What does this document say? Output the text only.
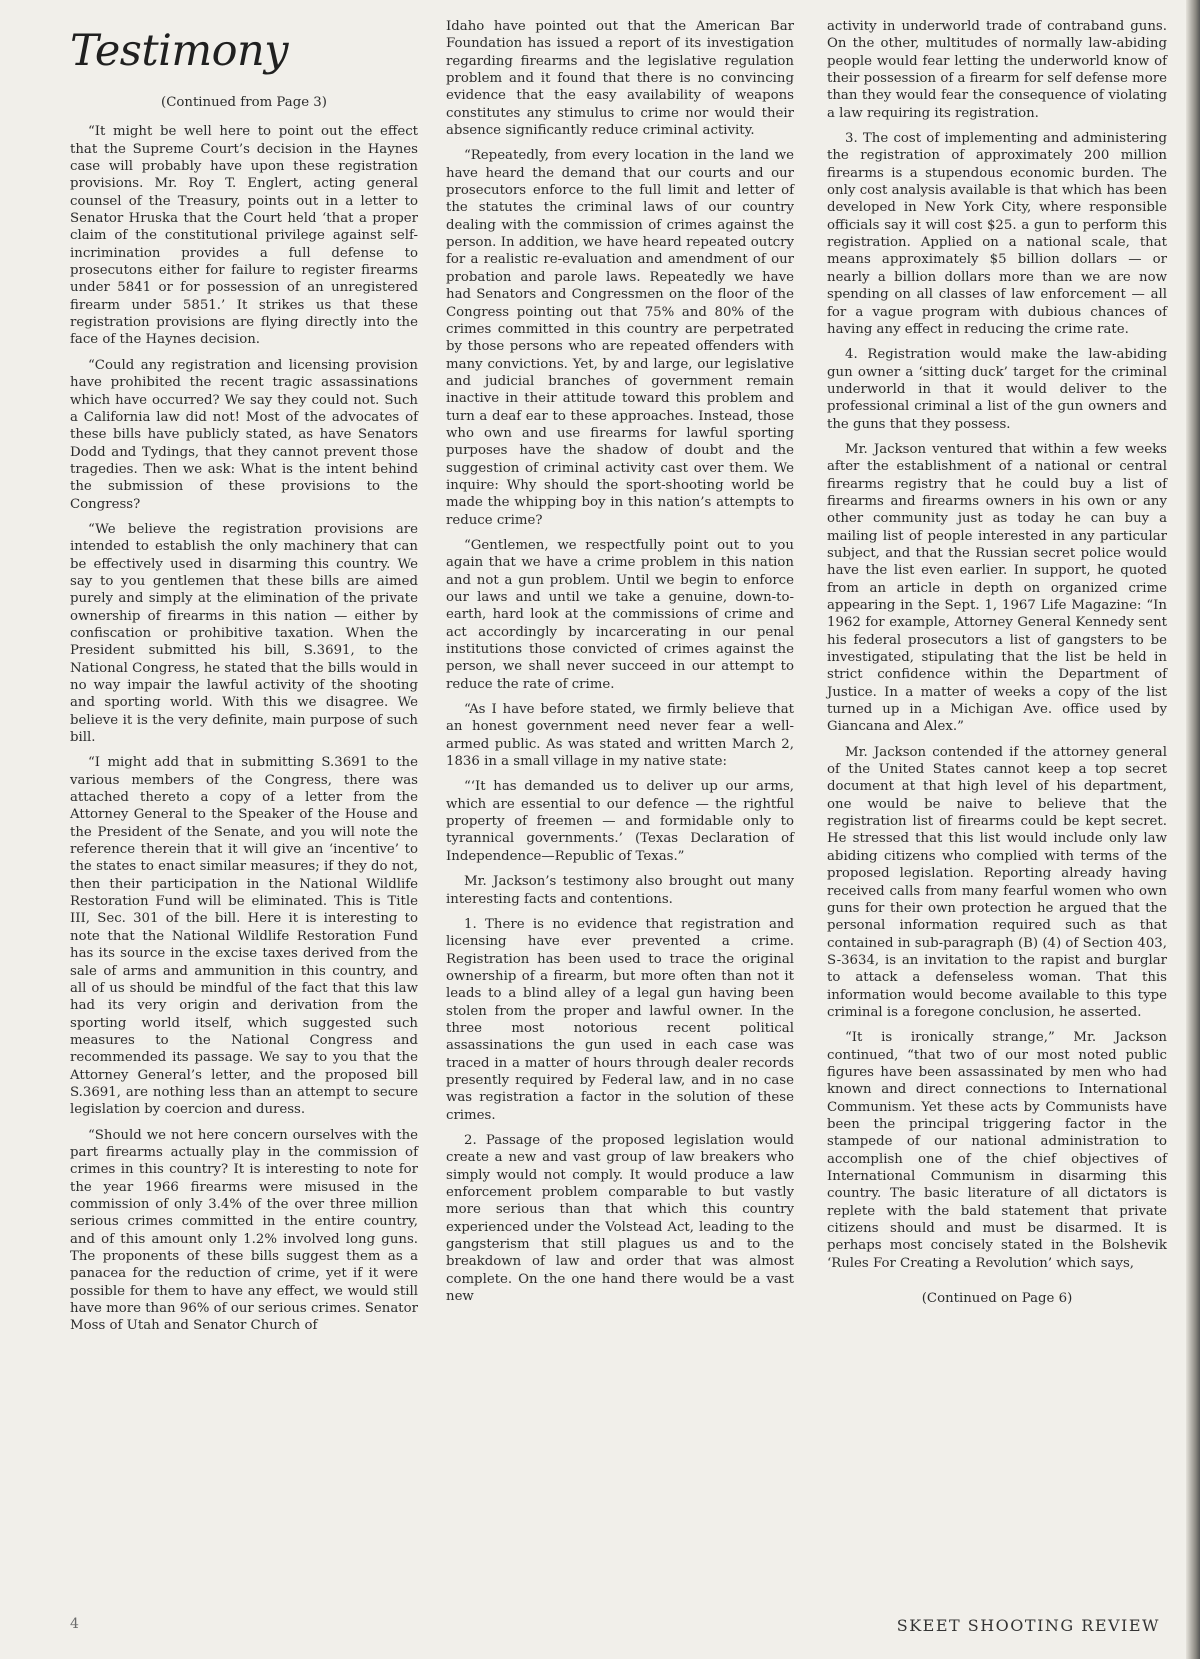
Testimony
(Continued from Page 3)

“It might be well here to point out the effect that the Supreme Court’s decision in the Haynes case will probably have upon these registration provisions. Mr. Roy T. Englert, acting general counsel of the Treasury, points out in a letter to Senator Hruska that the Court held ‘that a proper claim of the constitutional privilege against self-incrimination provides a full defense to prosecutons either for failure to register firearms under 5841 or for possession of an unregistered firearm under 5851.’ It strikes us that these registration provisions are flying directly into the face of the Haynes decision.

“Could any registration and licensing provision have prohibited the recent tragic assassinations which have occurred? We say they could not. Such a California law did not! Most of the advocates of these bills have publicly stated, as have Senators Dodd and Tydings, that they cannot prevent those tragedies. Then we ask: What is the intent behind the submission of these provisions to the Congress?

“We believe the registration provisions are intended to establish the only machinery that can be effectively used in disarming this country. We say to you gentlemen that these bills are aimed purely and simply at the elimination of the private ownership of firearms in this nation — either by confiscation or prohibitive taxation. When the President submitted his bill, S.3691, to the National Congress, he stated that the bills would in no way impair the lawful activity of the shooting and sporting world. With this we disagree. We believe it is the very definite, main purpose of such bill.

“I might add that in submitting S.3691 to the various members of the Congress, there was attached thereto a copy of a letter from the Attorney General to the Speaker of the House and the President of the Senate, and you will note the reference therein that it will give an ‘incentive’ to the states to enact similar measures; if they do not, then their participation in the National Wildlife Restoration Fund will be eliminated. This is Title III, Sec. 301 of the bill. Here it is interesting to note that the National Wildlife Restoration Fund has its source in the excise taxes derived from the sale of arms and ammunition in this country, and all of us should be mindful of the fact that this law had its very origin and derivation from the sporting world itself, which suggested such measures to the National Congress and recommended its passage. We say to you that the Attorney General’s letter, and the proposed bill S.3691, are nothing less than an attempt to secure legislation by coercion and duress.

“Should we not here concern ourselves with the part firearms actually play in the commission of crimes in this country? It is interesting to note for the year 1966 firearms were misused in the commission of only 3.4% of the over three million serious crimes committed in the entire country, and of this amount only 1.2% involved long guns. The proponents of these bills suggest them as a panacea for the reduction of crime, yet if it were possible for them to have any effect, we would still have more than 96% of our serious crimes. Senator Moss of Utah and Senator Church of

Idaho have pointed out that the American Bar Foundation has issued a report of its investigation regarding firearms and the legislative regulation problem and it found that there is no convincing evidence that the easy availability of weapons constitutes any stimulus to crime nor would their absence significantly reduce criminal activity.

“Repeatedly, from every location in the land we have heard the demand that our courts and our prosecutors enforce to the full limit and letter of the statutes the criminal laws of our country dealing with the commission of crimes against the person. In addition, we have heard repeated outcry for a realistic re-evaluation and amendment of our probation and parole laws. Repeatedly we have had Senators and Congressmen on the floor of the Congress pointing out that 75% and 80% of the crimes committed in this country are perpetrated by those persons who are repeated offenders with many convictions. Yet, by and large, our legislative and judicial branches of government remain inactive in their attitude toward this problem and turn a deaf ear to these approaches. Instead, those who own and use firearms for lawful sporting purposes have the shadow of doubt and the suggestion of criminal activity cast over them. We inquire: Why should the sport-shooting world be made the whipping boy in this nation’s attempts to reduce crime?

“Gentlemen, we respectfully point out to you again that we have a crime problem in this nation and not a gun problem. Until we begin to enforce our laws and until we take a genuine, down-to-earth, hard look at the commissions of crime and act accordingly by incarcerating in our penal institutions those convicted of crimes against the person, we shall never succeed in our attempt to reduce the rate of crime.

“As I have before stated, we firmly believe that an honest government need never fear a well-armed public. As was stated and written March 2, 1836 in a small village in my native state:

“‘It has demanded us to deliver up our arms, which are essential to our defence — the rightful property of freemen — and formidable only to tyrannical governments.’ (Texas Declaration of Independence—Republic of Texas.”

Mr. Jackson’s testimony also brought out many interesting facts and contentions.

1. There is no evidence that registration and licensing have ever prevented a crime. Registration has been used to trace the original ownership of a firearm, but more often than not it leads to a blind alley of a legal gun having been stolen from the proper and lawful owner. In the three most notorious recent political assassinations the gun used in each case was traced in a matter of hours through dealer records presently required by Federal law, and in no case was registration a factor in the solution of these crimes.

2. Passage of the proposed legislation would create a new and vast group of law breakers who simply would not comply. It would produce a law enforcement problem comparable to but vastly more serious than that which this country experienced under the Volstead Act, leading to the gangsterism that still plagues us and to the breakdown of law and order that was almost complete. On the one hand there would be a vast new

activity in underworld trade of contraband guns. On the other, multitudes of normally law-abiding people would fear letting the underworld know of their possession of a firearm for self defense more than they would fear the consequence of violating a law requiring its registration.

3. The cost of implementing and administering the registration of approximately 200 million firearms is a stupendous economic burden. The only cost analysis available is that which has been developed in New York City, where responsible officials say it will cost $25. a gun to perform this registration. Applied on a national scale, that means approximately $5 billion dollars — or nearly a billion dollars more than we are now spending on all classes of law enforcement — all for a vague program with dubious chances of having any effect in reducing the crime rate.

4. Registration would make the law-abiding gun owner a ‘sitting duck’ target for the criminal underworld in that it would deliver to the professional criminal a list of the gun owners and the guns that they possess.

Mr. Jackson ventured that within a few weeks after the establishment of a national or central firearms registry that he could buy a list of firearms and firearms owners in his own or any other community just as today he can buy a mailing list of people interested in any particular subject, and that the Russian secret police would have the list even earlier. In support, he quoted from an article in depth on organized crime appearing in the Sept. 1, 1967 Life Magazine: “In 1962 for example, Attorney General Kennedy sent his federal prosecutors a list of gangsters to be investigated, stipulating that the list be held in strict confidence within the Department of Justice. In a matter of weeks a copy of the list turned up in a Michigan Ave. office used by Giancana and Alex.”

Mr. Jackson contended if the attorney general of the United States cannot keep a top secret document at that high level of his department, one would be naive to believe that the registration list of firearms could be kept secret. He stressed that this list would include only law abiding citizens who complied with terms of the proposed legislation. Reporting already having received calls from many fearful women who own guns for their own protection he argued that the personal information required such as that contained in sub-paragraph (B) (4) of Section 403, S-3634, is an invitation to the rapist and burglar to attack a defenseless woman. That this information would become available to this type criminal is a foregone conclusion, he asserted.

“It is ironically strange,” Mr. Jackson continued, “that two of our most noted public figures have been assassinated by men who had known and direct connections to International Communism. Yet these acts by Communists have been the principal triggering factor in the stampede of our national administration to accomplish one of the chief objectives of International Communism in disarming this country. The basic literature of all dictators is replete with the bald statement that private citizens should and must be disarmed. It is perhaps most concisely stated in the Bolshevik ‘Rules For Creating a Revolution’ which says,

(Continued on Page 6)
4	SKEET SHOOTING REVIEW
